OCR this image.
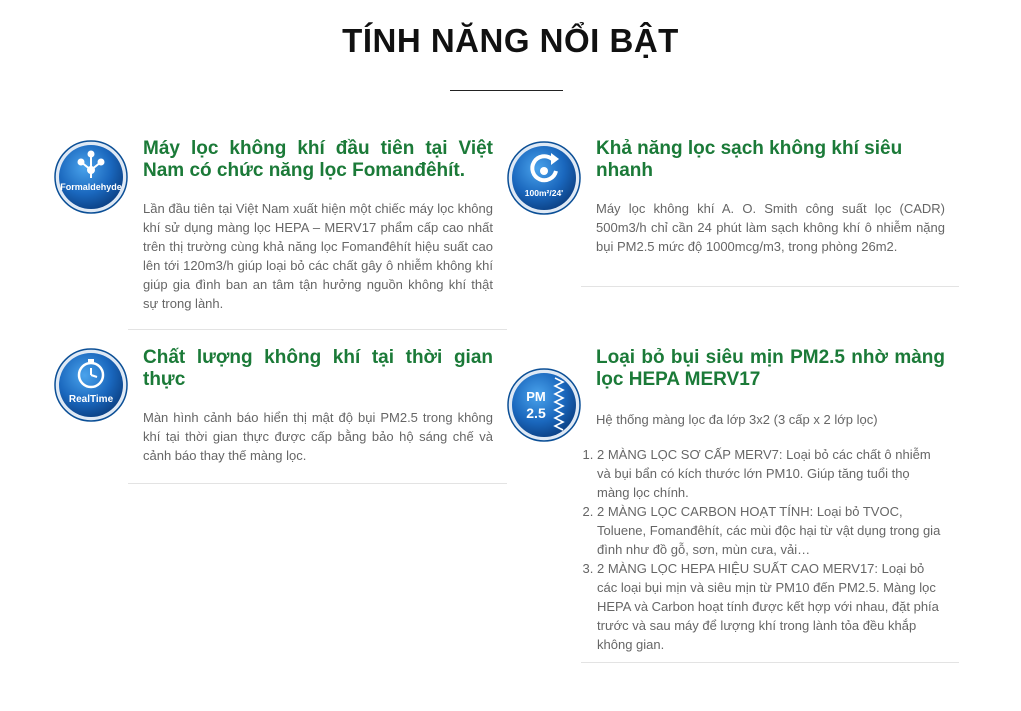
TÍNH NĂNG NỔI BẬT
Formaldehyde
Máy lọc không khí đầu tiên tại Việt Nam có chức năng lọc Fomanđêhít.

Lần đầu tiên tại Việt Nam xuất hiện một chiếc máy lọc không khí sử dụng màng lọc HEPA – MERV17 phẩm cấp cao nhất trên thị trường cùng khả năng lọc Fomanđêhít hiệu suất cao lên tới 120m3/h giúp loại bỏ các chất gây ô nhiễm không khí giúp gia đình ban an tâm tận hưởng nguồn không khí thật sự trong lành.

100m²/24'
Khả năng lọc sạch không khí siêu nhanh

Máy lọc không khí A. O. Smith công suất lọc (CADR) 500m3/h chỉ cần 24 phút làm sạch không khí ô nhiễm nặng bụi PM2.5 mức độ 1000mcg/m3, trong phòng 26m2.

RealTime
Chất lượng không khí tại thời gian thực

Màn hình cảnh báo hiển thị mật độ bụi PM2.5 trong không khí tại thời gian thực được cấp bằng bảo hộ sáng chế và cảnh báo thay thế màng lọc.

PM
2.5
Loại bỏ bụi siêu mịn PM2.5 nhờ màng lọc HEPA MERV17

Hệ thống màng lọc đa lớp 3x2 (3 cấp x 2 lớp lọc)

1. 2 MÀNG LỌC SƠ CẤP MERV7: Loại bỏ các chất ô nhiễm và bụi bẩn có kích thước lớn PM10. Giúp tăng tuổi thọ màng lọc chính.
2. 2 MÀNG LỌC CARBON HOẠT TÍNH: Loại bỏ TVOC, Toluene, Fomanđêhít, các mùi độc hại từ vật dụng trong gia đình như đồ gỗ, sơn, mùn cưa, vải…
3. 2 MÀNG LỌC HEPA HIỆU SUẤT CAO MERV17: Loại bỏ các loại bụi mịn và siêu mịn từ PM10 đến PM2.5. Màng lọc HEPA và Carbon hoạt tính được kết hợp với nhau, đặt phía trước và sau máy để lượng khí trong lành tỏa đều khắp không gian.
